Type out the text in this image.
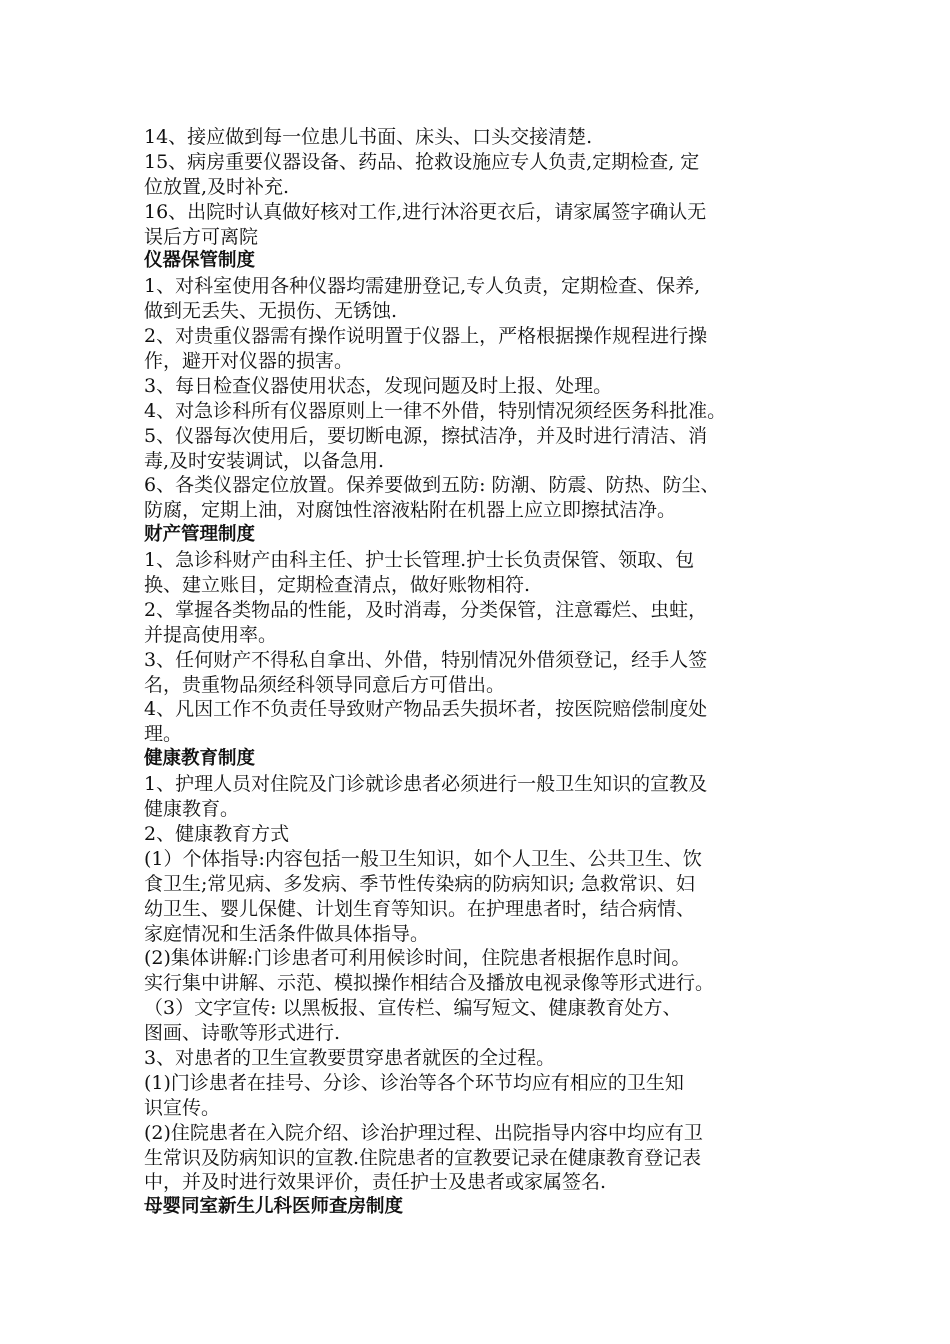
14、接应做到每一位患儿书面、床头、口头交接清楚.
15、病房重要仪器设备、药品、抢救设施应专人负责,定期检查, 定
位放置,及时补充.
16、出院时认真做好核对工作,进行沐浴更衣后，请家属签字确认无
误后方可离院
仪器保管制度
1、对科室使用各种仪器均需建册登记,专人负责，定期检查、保养,
做到无丢失、无损伤、无锈蚀.
2、对贵重仪器需有操作说明置于仪器上，严格根据操作规程进行操
作，避开对仪器的损害。
3、每日检查仪器使用状态，发现问题及时上报、处理。
4、对急诊科所有仪器原则上一律不外借，特别情况须经医务科批准。
5、仪器每次使用后，要切断电源，擦拭洁净，并及时进行清洁、消
毒,及时安装调试，以备急用.
6、各类仪器定位放置。保养要做到五防: 防潮、防震、防热、防尘、
防腐，定期上油，对腐蚀性溶液粘附在机器上应立即擦拭洁净。
财产管理制度
1、急诊科财产由科主任、护士长管理.护士长负责保管、领取、包
换、建立账目，定期检查清点，做好账物相符.
2、掌握各类物品的性能，及时消毒，分类保管，注意霉烂、虫蛀，
并提高使用率。
3、任何财产不得私自拿出、外借，特别情况外借须登记，经手人签
名，贵重物品须经科领导同意后方可借出。
4、凡因工作不负责任导致财产物品丢失损坏者，按医院赔偿制度处
理。
健康教育制度
1、护理人员对住院及门诊就诊患者必须进行一般卫生知识的宣教及
健康教育。
2、健康教育方式
(1）个体指导:内容包括一般卫生知识，如个人卫生、公共卫生、饮
食卫生;常见病、多发病、季节性传染病的防病知识; 急救常识、妇
幼卫生、婴儿保健、计划生育等知识。在护理患者时，结合病情、
家庭情况和生活条件做具体指导。
(2)集体讲解:门诊患者可利用候诊时间，住院患者根据作息时间。
实行集中讲解、示范、模拟操作相结合及播放电视录像等形式进行。
（3）文字宣传: 以黑板报、宣传栏、编写短文、健康教育处方、
图画、诗歌等形式进行.
3、对患者的卫生宣教要贯穿患者就医的全过程。
(1)门诊患者在挂号、分诊、诊治等各个环节均应有相应的卫生知
识宣传。
(2)住院患者在入院介绍、诊治护理过程、出院指导内容中均应有卫
生常识及防病知识的宣教.住院患者的宣教要记录在健康教育登记表
中，并及时进行效果评价，责任护士及患者或家属签名.
母婴同室新生儿科医师查房制度
